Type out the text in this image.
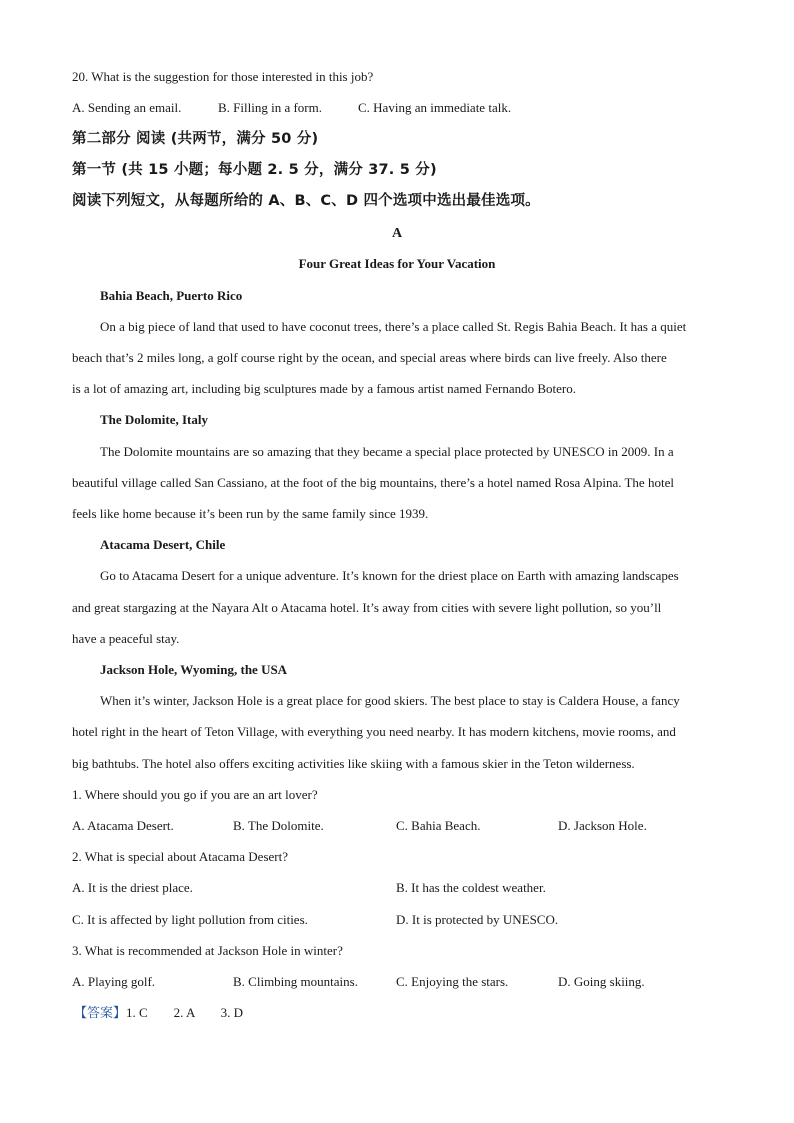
20. What is the suggestion for those interested in this job?
A. Sending an email.	B. Filling in a form.	C. Having an immediate talk.
第二部分 阅读 (共两节，满分 50 分)
第一节 (共 15 小题；每小题 2. 5 分，满分 37. 5 分)
阅读下列短文，从每题所给的 A、B、C、D 四个选项中选出最佳选项。
A
Four Great Ideas for Your Vacation
Bahia Beach, Puerto Rico
On a big piece of land that used to have coconut trees, there’s a place called St. Regis Bahia Beach. It has a quiet
beach that’s 2 miles long, a golf course right by the ocean, and special areas where birds can live freely. Also there
is a lot of amazing art, including big sculptures made by a famous artist named Fernando Botero.
The Dolomite, Italy
The Dolomite mountains are so amazing that they became a special place protected by UNESCO in 2009. In a
beautiful village called San Cassiano, at the foot of the big mountains, there’s a hotel named Rosa Alpina. The hotel
feels like home because it’s been run by the same family since 1939.
Atacama Desert, Chile
Go to Atacama Desert for a unique adventure. It’s known for the driest place on Earth with amazing landscapes
and great stargazing at the Nayara Alt o Atacama hotel. It’s away from cities with severe light pollution, so you’ll
have a peaceful stay.
Jackson Hole, Wyoming, the USA
When it’s winter, Jackson Hole is a great place for good skiers. The best place to stay is Caldera House, a fancy
hotel right in the heart of Teton Village, with everything you need nearby. It has modern kitchens, movie rooms, and
big bathtubs. The hotel also offers exciting activities like skiing with a famous skier in the Teton wilderness.
1. Where should you go if you are an art lover?
A. Atacama Desert.	B. The Dolomite.	C. Bahia Beach.	D. Jackson Hole.
2. What is special about Atacama Desert?
A. It is the driest place.	B. It has the coldest weather.
C. It is affected by light pollution from cities.	D. It is protected by UNESCO.
3. What is recommended at Jackson Hole in winter?
A. Playing golf.	B. Climbing mountains.	C. Enjoying the stars.	D. Going skiing.
【答案】1. C        2. A        3. D
